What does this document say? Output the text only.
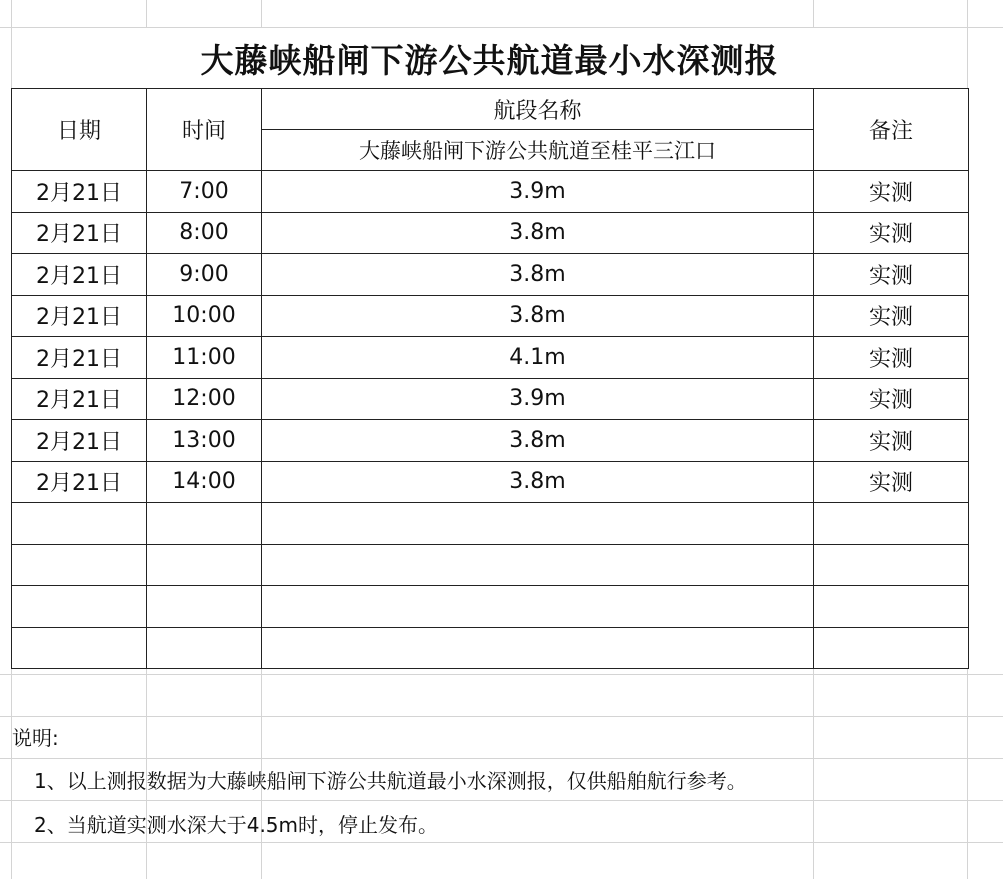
大藤峡船闸下游公共航道最小水深测报
日期	时间	航段名称	备注
		大藤峡船闸下游公共航道至桂平三江口	
2月21日	7:00	3.9m	实测
2月21日	8:00	3.8m	实测
2月21日	9:00	3.8m	实测
2月21日	10:00	3.8m	实测
2月21日	11:00	4.1m	实测
2月21日	12:00	3.9m	实测
2月21日	13:00	3.8m	实测
2月21日	14:00	3.8m	实测

说明:
1、以上测报数据为大藤峡船闸下游公共航道最小水深测报，仅供船舶航行参考。
2、当航道实测水深大于4.5m时，停止发布。
